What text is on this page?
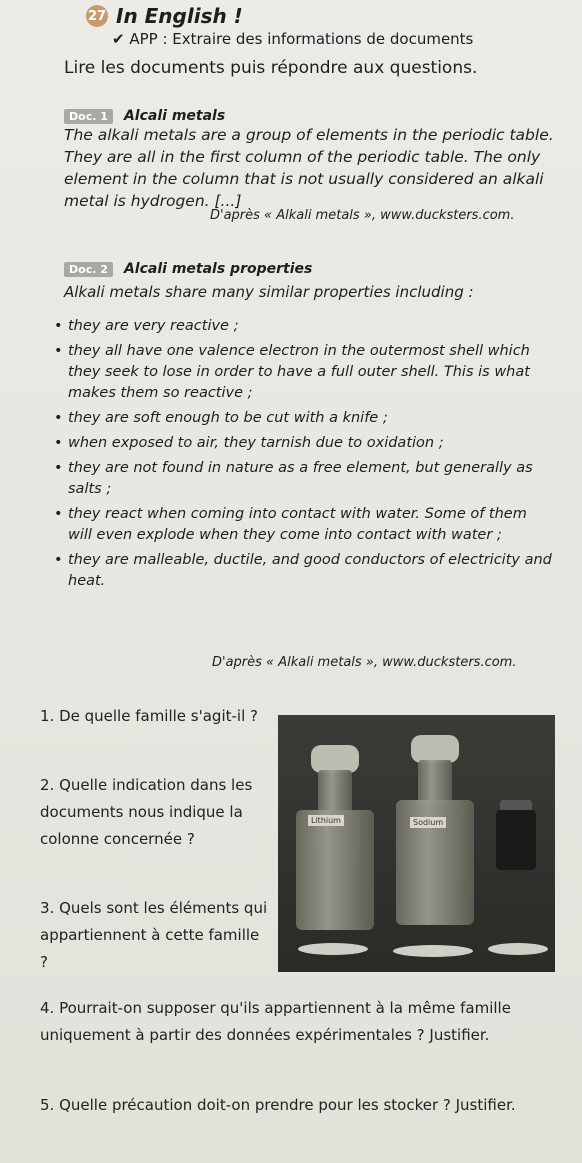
27 In English !
✔ APP : Extraire des informations de documents
Lire les documents puis répondre aux questions.
Doc. 1 Alcali metals
The alkali metals are a group of elements in the periodic table. They are all in the first column of the periodic table. The only element in the column that is not usually considered an alkali metal is hydrogen. [...]
D'après « Alkali metals », www.ducksters.com.
Doc. 2 Alcali metals properties
Alkali metals share many similar properties including :
• they are very reactive ;
• they all have one valence electron in the outermost shell which they seek to lose in order to have a full outer shell. This is what makes them so reactive ;
• they are soft enough to be cut with a knife ;
• when exposed to air, they tarnish due to oxidation ;
• they are not found in nature as a free element, but generally as salts ;
• they react when coming into contact with water. Some of them will even explode when they come into contact with water ;
• they are malleable, ductile, and good conductors of electricity and heat.
D'après « Alkali metals », www.ducksters.com.
1. De quelle famille s'agit-il ?
2. Quelle indication dans les documents nous indique la colonne concernée ?
3. Quels sont les éléments qui appartiennent à cette famille ?
Lithium	Sodium
4. Pourrait-on supposer qu'ils appartiennent à la même famille uniquement à partir des données expérimentales ? Justifier.
5. Quelle précaution doit-on prendre pour les stocker ? Justifier.
